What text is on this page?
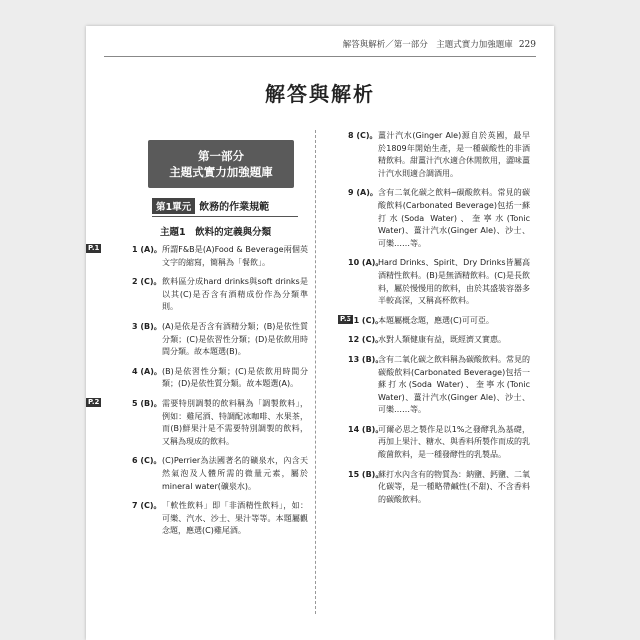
解答與解析／第一部分　主題式實力加強題庫 229
解答與解析
第一部分
主題式實力加強題庫
第1單元 飲務的作業規範
主題1　飲料的定義與分類
P.1	1 (A)。 所謂F&B是(A)Food & Beverage兩個英文字的縮寫，簡稱為「餐飲」。
2 (C)。 飲料區分成hard drinks與soft drinks是以其(C)是否含有酒精成份作為分類準則。
3 (B)。 (A)是依是否含有酒精分類；(B)是依性質分類；(C)是依習性分類；(D)是依飲用時間分類。故本題選(B)。
4 (A)。 (B)是依習性分類；(C)是依飲用時間分類；(D)是依性質分類。故本題選(A)。
P.2	5 (B)。 需要特別調製的飲料稱為「調製飲料」，例如：雞尾酒、特調配冰咖啡、水果茶，而(B)鮮果汁是不需要特別調製的飲料，又稱為現成的飲料。
6 (C)。 (C)Perrier為法國著名的礦泉水，內含天然氣泡及人體所需的微量元素，屬於mineral water(礦泉水)。
7 (C)。 「軟性飲料」即「非酒精性飲料」，如：可樂、汽水、沙士、果汁等等。本題屬觀念題，應選(C)雞尾酒。
8 (C)。 薑汁汽水(Ginger Ale)源自於英國，最早於1809年開始生產，是一種碳酸性的非酒精飲料。甜薑汁汽水適合休閒飲用，澀味薑汁汽水則適合調酒用。
9 (A)。 含有二氧化碳之飲料─碳酸飲料。常見的碳酸飲料(Carbonated Beverage)包括一蘇打水(Soda Water)、奎寧水(Tonic Water)、薑汁汽水(Ginger Ale)、沙士、可樂……等。
10 (A)。
Hard Drinks、Spirit、Dry Drinks皆屬高酒精性飲料。(B)是無酒精飲料。(C)是長飲料，屬於慢慢用的飲料，由於其盛裝容器多半較高深，又稱高杯飲料。
P.3
11 (C)。
本題屬概念題，應選(C)可可亞。
12 (C)。
水對人類健康有益，既經濟又實惠。
13 (B)。
含有二氧化碳之飲料稱為碳酸飲料。常見的碳酸飲料(Carbonated Beverage)包括一蘇打水(Soda Water)、奎寧水(Tonic Water)、薑汁汽水(Ginger Ale)、沙士、可樂……等。
14 (B)。
可爾必思之製作是以1%之發酵乳為基礎，再加上果汁、糖水、與香料所製作而成的乳酸菌飲料，是一種發酵性的乳製品。
15 (B)。
蘇打水內含有的物質為：鈉鹽、鈣鹽、二氧化碳等，是一種略帶鹹性(不甜)、不含香料的碳酸飲料。
